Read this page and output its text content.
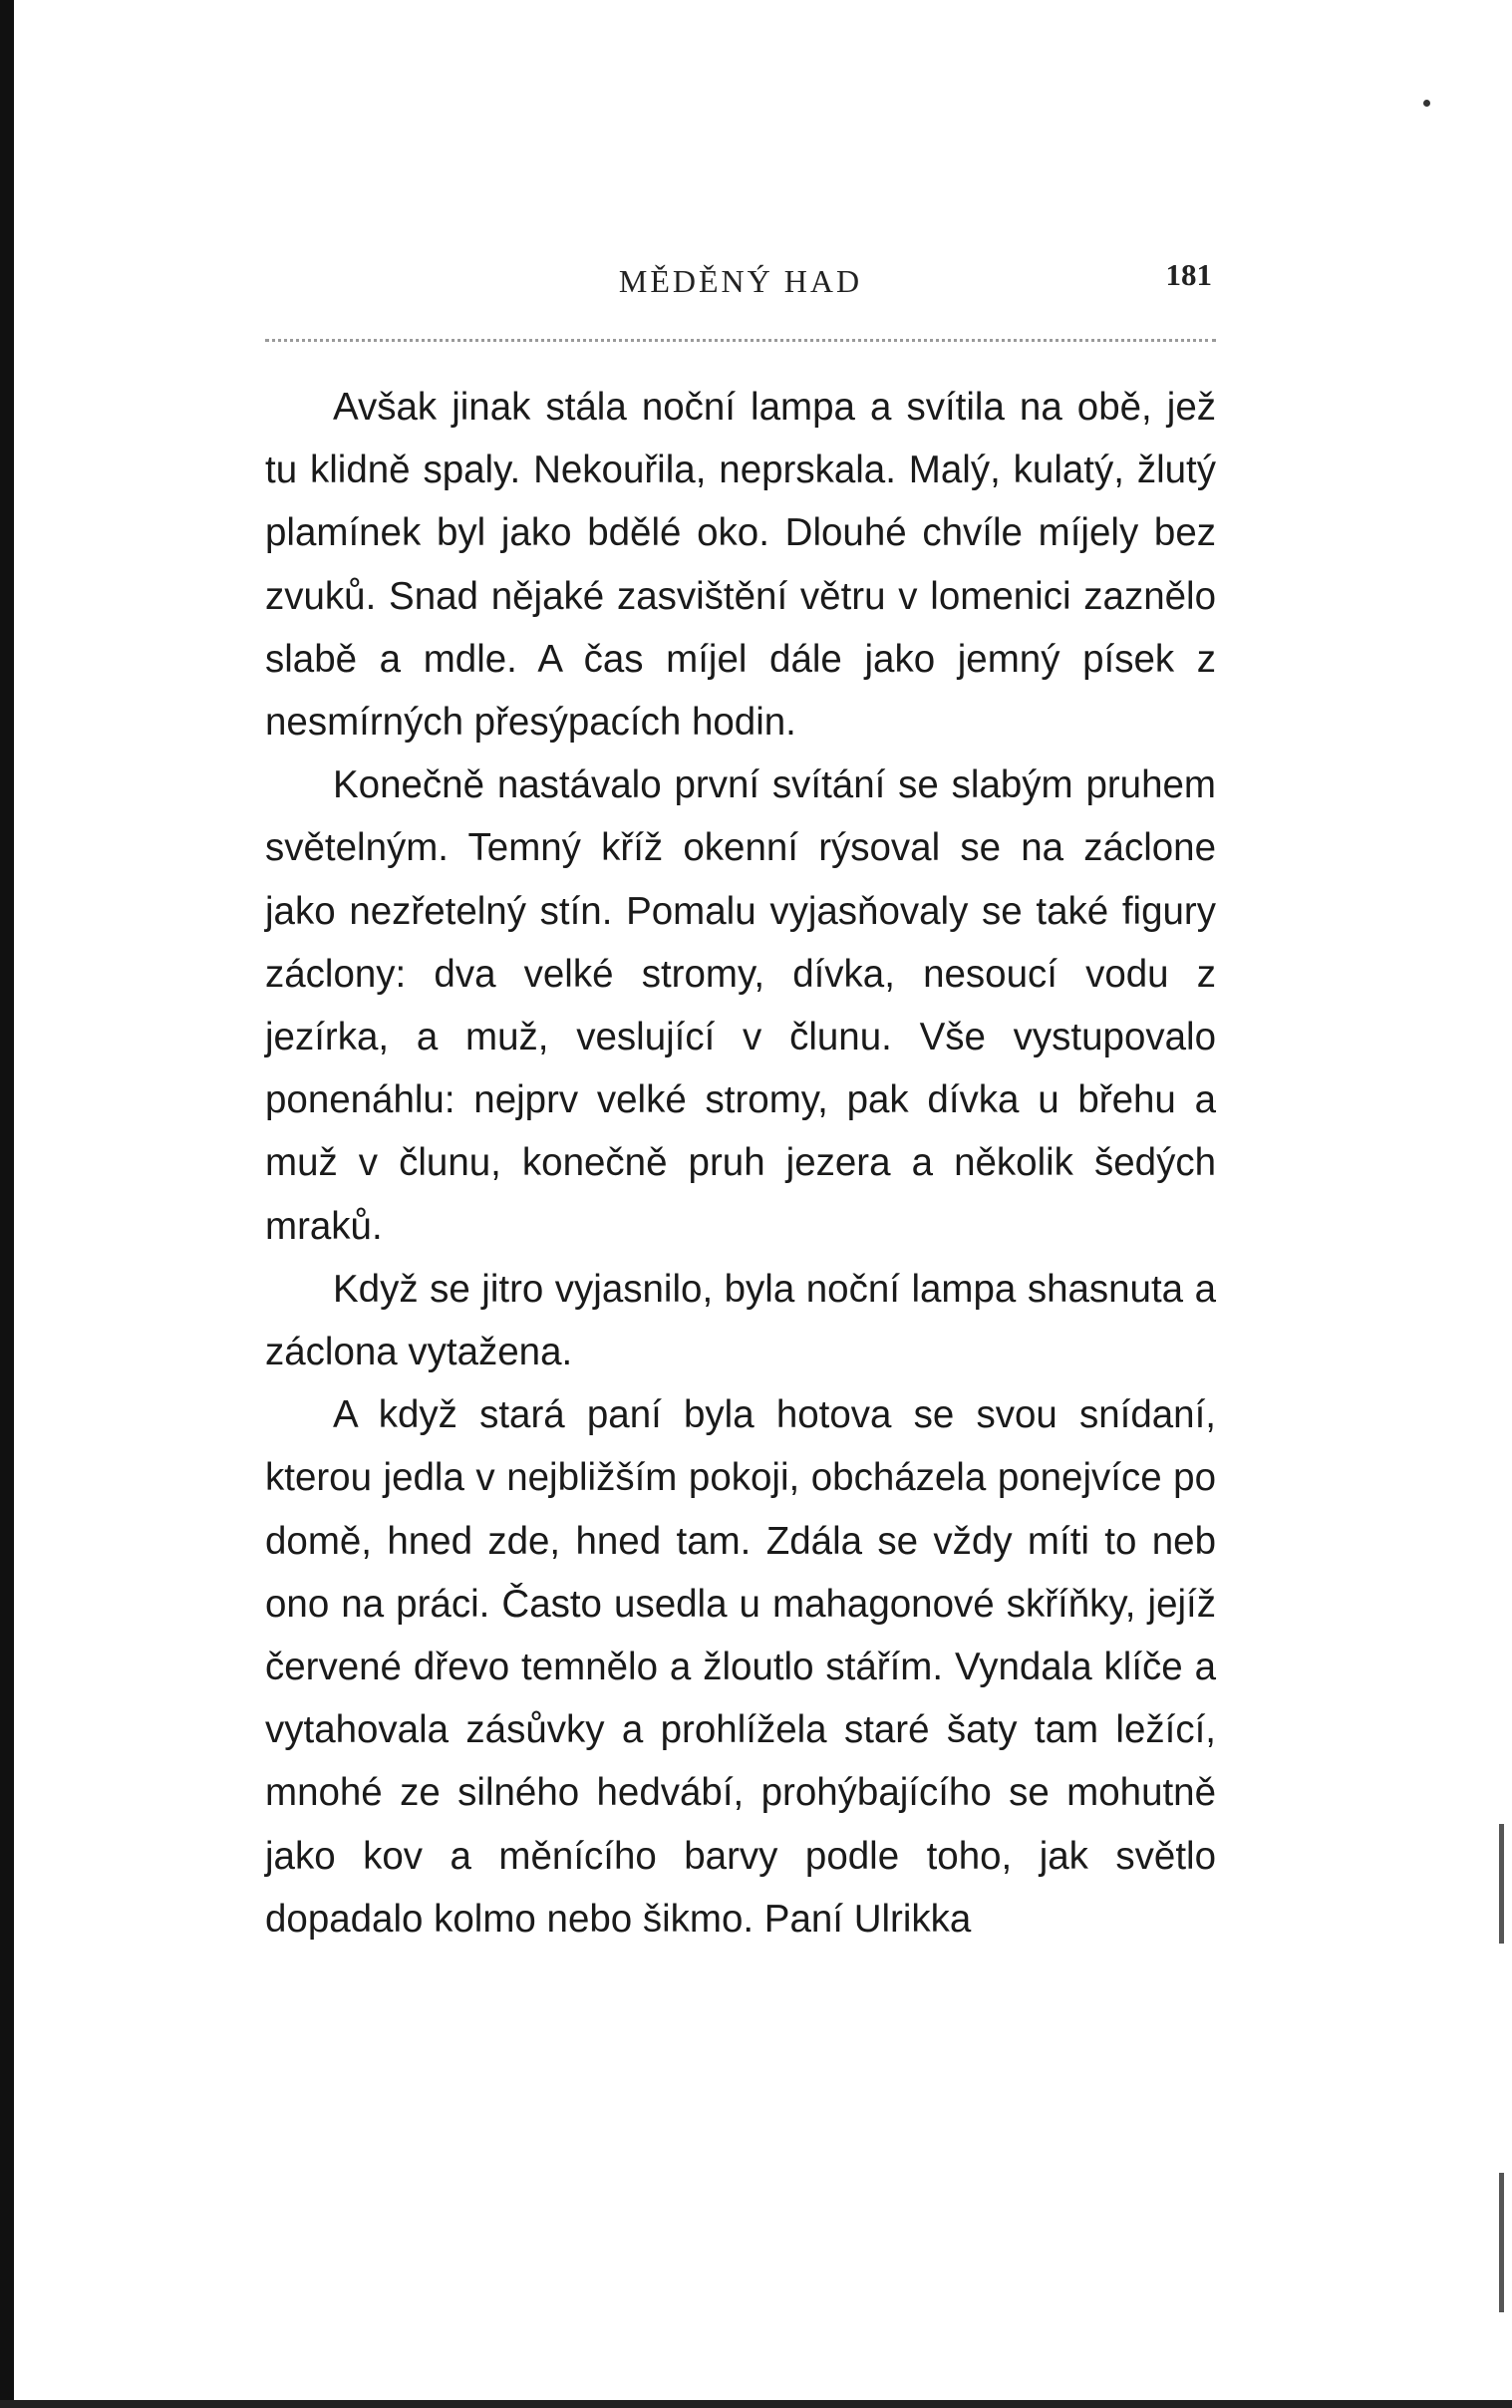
MĚDĚNÝ HAD	181

Avšak jinak stála noční lampa a svítila na obě, jež tu klidně spaly. Nekouřila, neprskala. Malý, kulatý, žlutý plamínek byl jako bdělé oko. Dlouhé chvíle míjely bez zvuků. Snad nějaké zasvištění větru v lomenici zaznělo slabě a mdle. A čas míjel dále jako jemný písek z nesmírných přesýpacích hodin.

Konečně nastávalo první svítání se slabým pruhem světelným. Temný kříž okenní rýsoval se na záclone jako nezřetelný stín. Pomalu vyjasňovaly se také figury záclony: dva velké stromy, dívka, nesoucí vodu z jezírka, a muž, veslující v člunu. Vše vystupovalo ponenáhlu: nejprv velké stromy, pak dívka u břehu a muž v člunu, konečně pruh jezera a několik šedých mraků.

Když se jitro vyjasnilo, byla noční lampa shasnuta a záclona vytažena.

A když stará paní byla hotova se svou snídaní, kterou jedla v nejbližším pokoji, obcházela ponejvíce po domě, hned zde, hned tam. Zdála se vždy míti to neb ono na práci. Často usedla u mahagonové skříňky, jejíž červené dřevo temnělo a žloutlo stářím. Vyndala klíče a vytahovala zásůvky a prohlížela staré šaty tam ležící, mnohé ze silného hedvábí, prohýbajícího se mohutně jako kov a měnícího barvy podle toho, jak světlo dopadalo kolmo nebo šikmo. Paní Ulrikka
